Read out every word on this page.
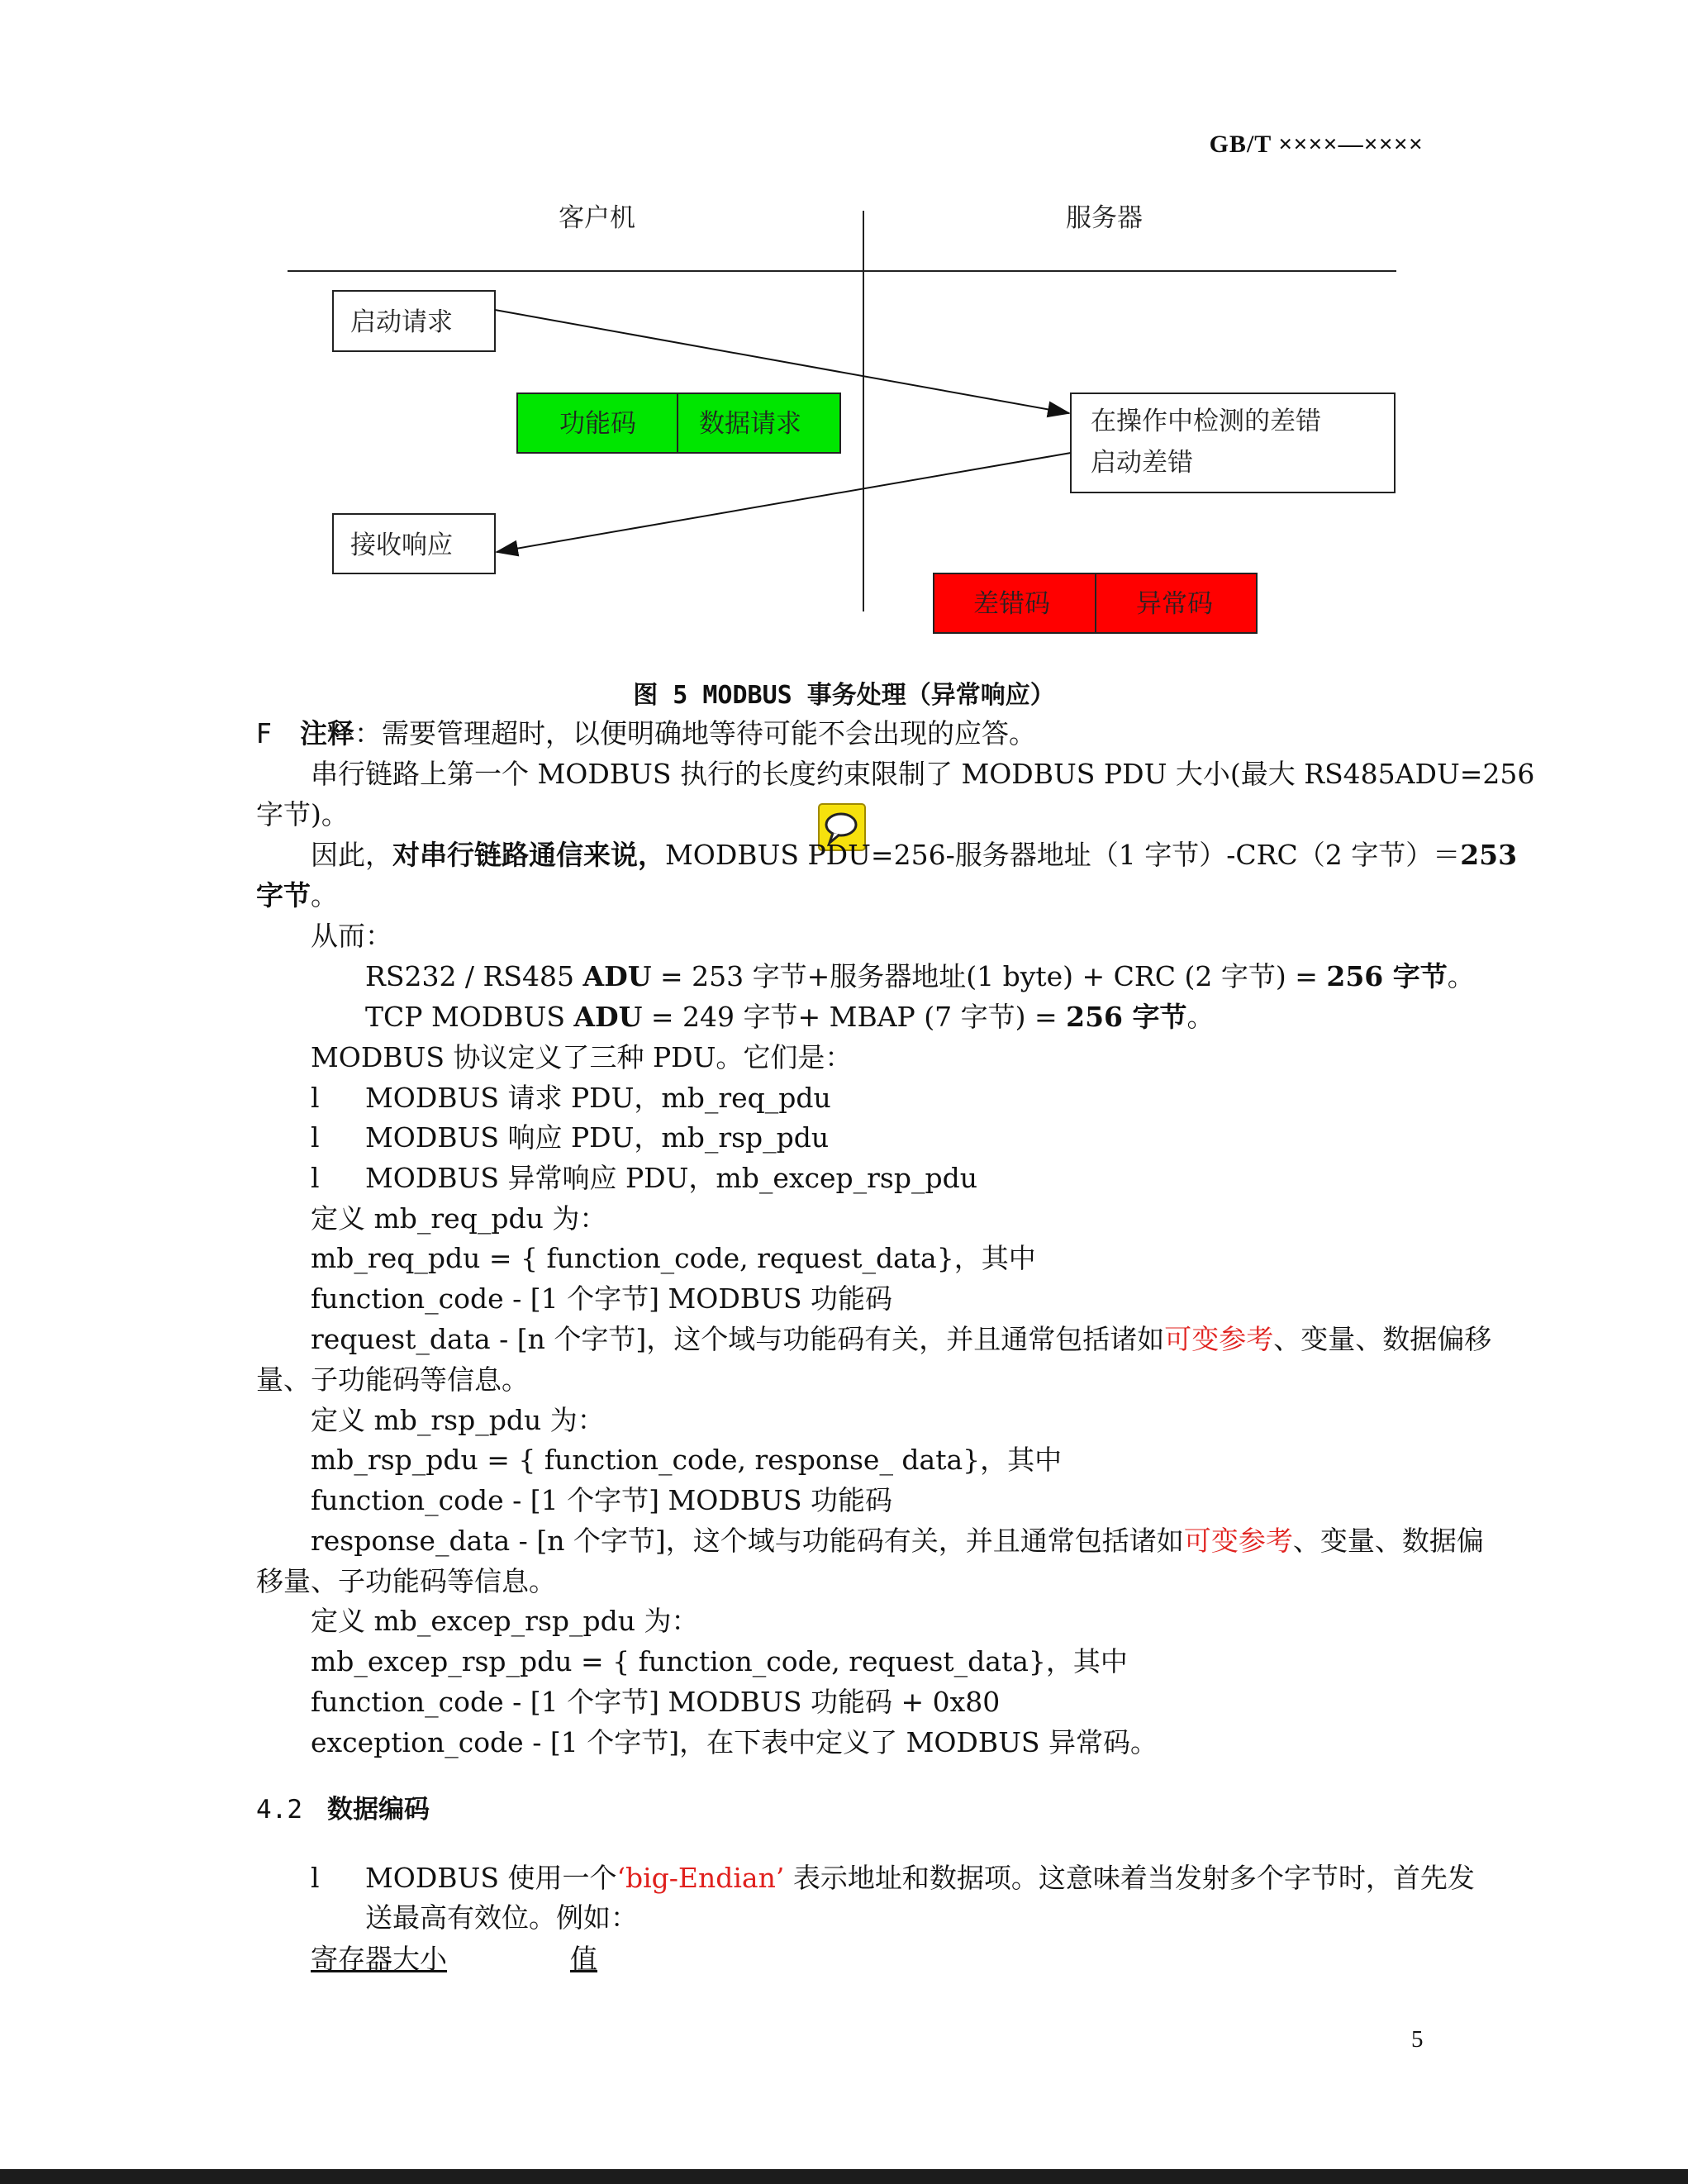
GB/T ××××—××××
客户机	服务器
启动请求
功能码 数据请求	在操作中检测的差错
启动差错
接收响应
差错码	异常码
图 5 MODBUS 事务处理（异常响应）
F 注释：需要管理超时，以便明确地等待可能不会出现的应答。
串行链路上第一个 MODBUS 执行的长度约束限制了 MODBUS PDU 大小(最大 RS485ADU=256
字节)。
因此，对串行链路通信来说，MODBUS PDU=256-服务器地址（1 字节）-CRC（2 字节）＝253
字节。
从而：
RS232 / RS485 ADU = 253 字节+服务器地址(1 byte) + CRC (2 字节) = 256 字节。
TCP MODBUS ADU = 249 字节+ MBAP (7 字节) = 256 字节。
MODBUS 协议定义了三种 PDU。它们是：
l MODBUS 请求 PDU，mb_req_pdu
l MODBUS 响应 PDU，mb_rsp_pdu
l MODBUS 异常响应 PDU，mb_excep_rsp_pdu
定义 mb_req_pdu 为：
mb_req_pdu = { function_code, request_data}，其中
function_code - [1 个字节] MODBUS 功能码
request_data - [n 个字节]，这个域与功能码有关，并且通常包括诸如可变参考、变量、数据偏移
量、子功能码等信息。
定义 mb_rsp_pdu 为：
mb_rsp_pdu = { function_code, response_ data}，其中
function_code - [1 个字节] MODBUS 功能码
response_data - [n 个字节]，这个域与功能码有关，并且通常包括诸如可变参考、变量、数据偏
移量、子功能码等信息。
定义 mb_excep_rsp_pdu 为：
mb_excep_rsp_pdu = { function_code, request_data}，其中
function_code - [1 个字节] MODBUS 功能码 + 0x80
exception_code - [1 个字节]，在下表中定义了 MODBUS 异常码。
4.2 数据编码
l MODBUS 使用一个‘big-Endian’ 表示地址和数据项。这意味着当发射多个字节时，首先发
送最高有效位。例如：
寄存器大小	值
5
